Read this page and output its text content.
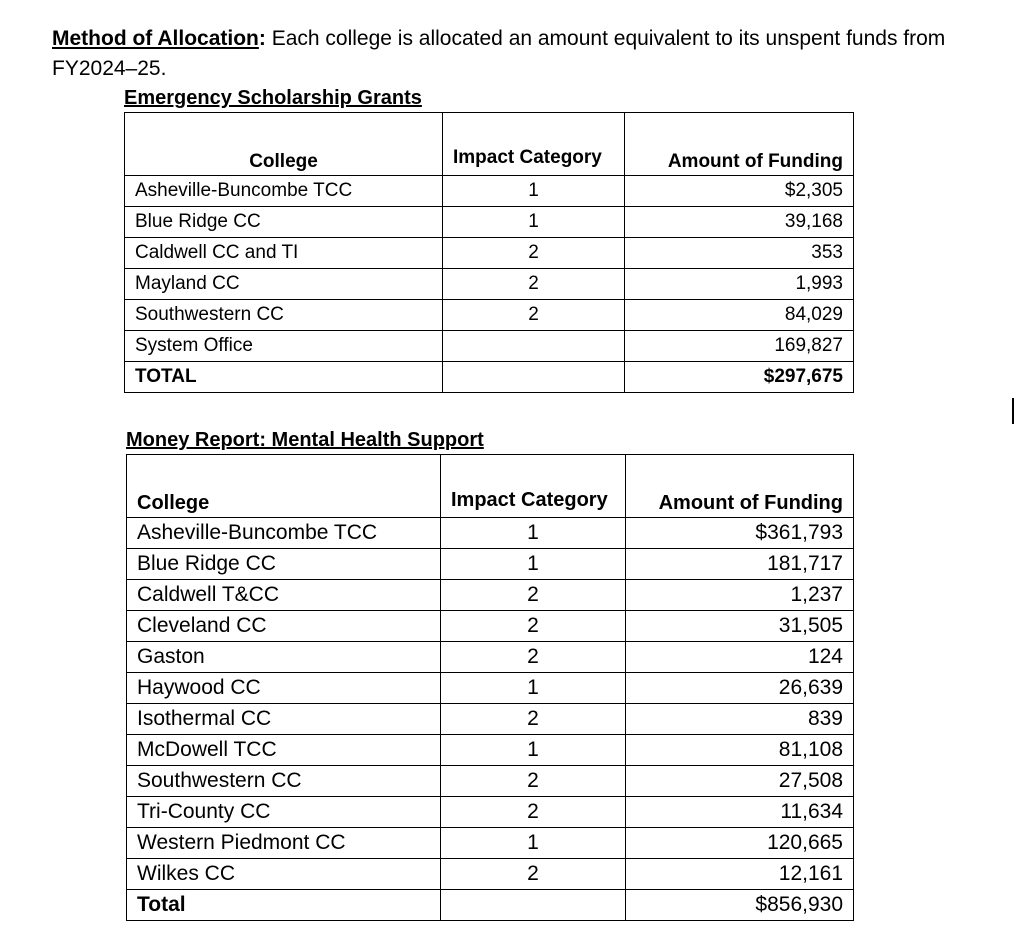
Method of Allocation: Each college is allocated an amount equivalent to its unspent funds from FY2024–25.
Emergency Scholarship Grants
College	Impact Category	Amount of Funding
Asheville-Buncombe TCC	1	$2,305
Blue Ridge CC	1	39,168
Caldwell CC and TI	2	353
Mayland CC	2	1,993
Southwestern CC	2	84,029
System Office		169,827
TOTAL		$297,675
Money Report: Mental Health Support
College	Impact Category	Amount of Funding
Asheville-Buncombe TCC	1	$361,793
Blue Ridge CC	1	181,717
Caldwell T&CC	2	1,237
Cleveland CC	2	31,505
Gaston	2	124
Haywood CC	1	26,639
Isothermal CC	2	839
McDowell TCC	1	81,108
Southwestern CC	2	27,508
Tri-County CC	2	11,634
Western Piedmont CC	1	120,665
Wilkes CC	2	12,161
Total		$856,930
